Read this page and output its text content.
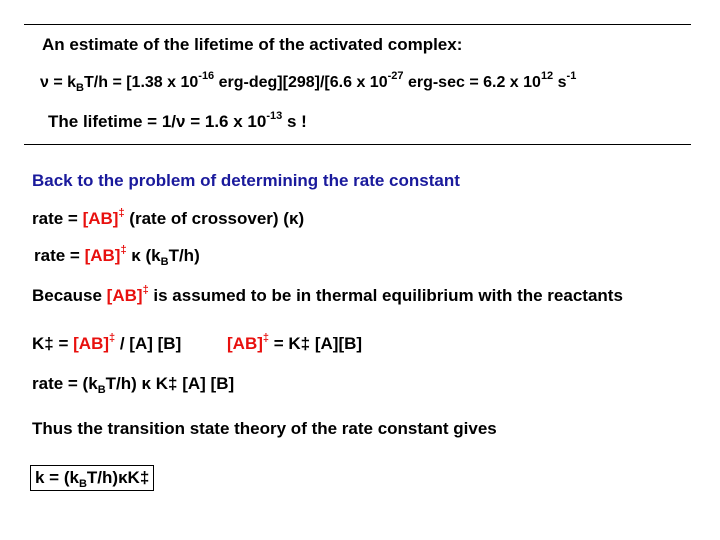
An estimate of the lifetime of the activated complex:
$\nu = k_BT/h = [1.38$ x $10^{-16}$ erg-deg][298]/[6.6 x $10^{-27}$ erg-sec = 6.2 x $10^{12}$ $s^{-1}$
The lifetime = 1/ν = 1.6 x $10^{-13}$ s !
Back to the problem of determining the rate constant
rate = [AB]‡ (rate of crossover) (κ)
rate = [AB]‡ κ $(k_BT/h)$
Because [AB]‡ is assumed to be in thermal equilibrium with the reactants
K‡ = [AB]‡ / [A] [B]	[AB]‡ = K‡ [A][B]
rate = $(k_BT/h)$ κ K‡ [A] [B]
Thus the transition state theory of the rate constant gives
$k = (k_BT/h)\kappa K\ddagger$
